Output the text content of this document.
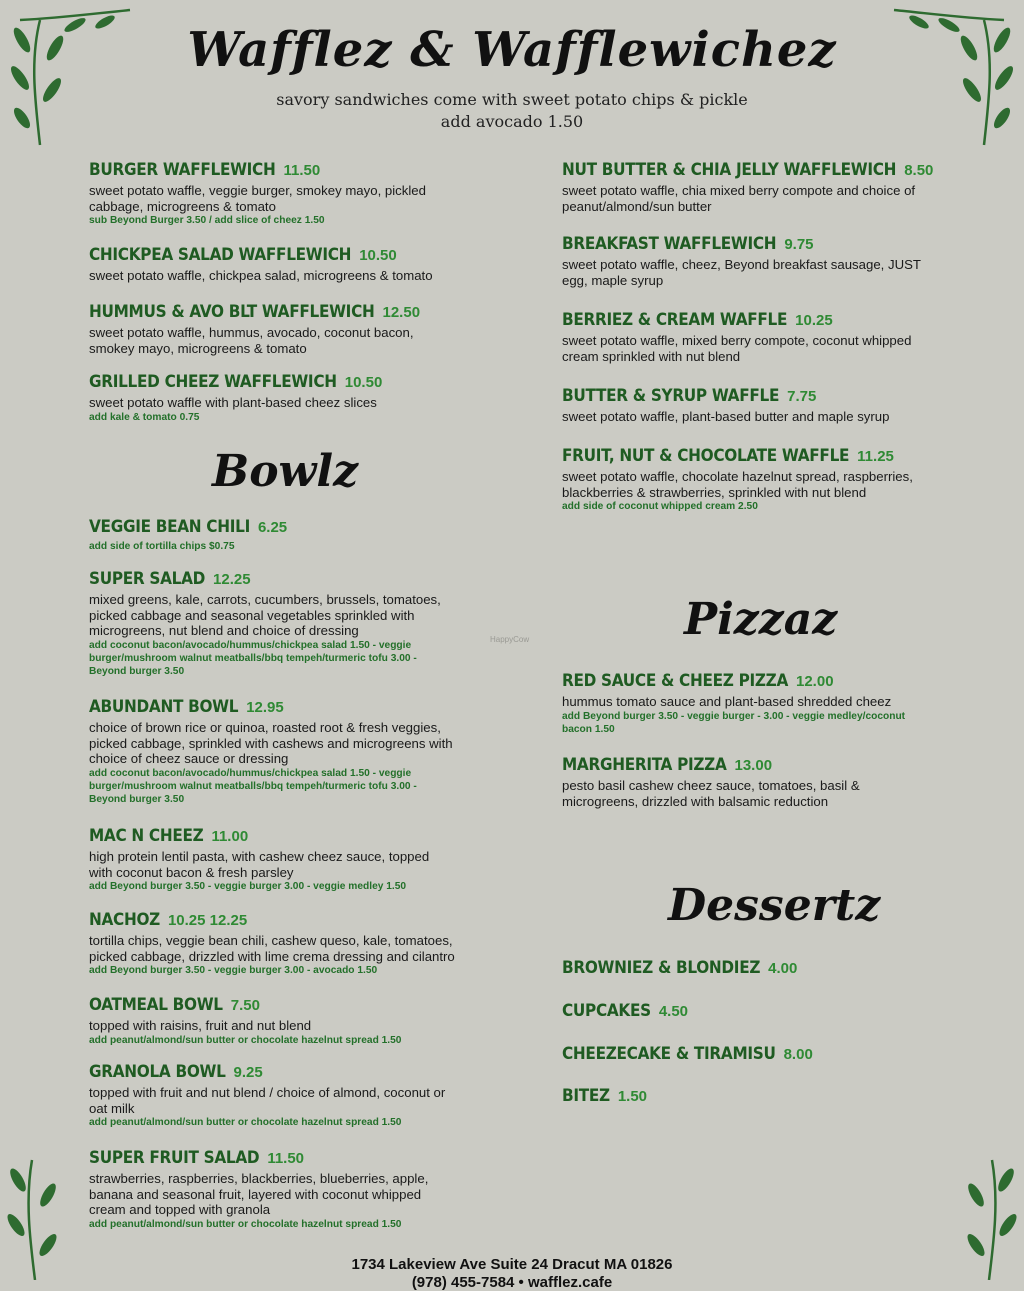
Wafflez & Wafflewichez
savory sandwiches come with sweet potato chips & pickle
add avocado 1.50
Bowlz
Pizzaz
Dessertz
BURGER WAFFLEWICH 11.50
sweet potato waffle, veggie burger, smokey mayo, pickled
cabbage, microgreens & tomato
sub Beyond Burger 3.50 / add slice of cheez 1.50
CHICKPEA SALAD WAFFLEWICH 10.50
sweet potato waffle, chickpea salad, microgreens & tomato
HUMMUS & AVO BLT WAFFLEWICH 12.50
sweet potato waffle, hummus, avocado, coconut bacon,
smokey mayo, microgreens & tomato
GRILLED CHEEZ WAFFLEWICH 10.50
sweet potato waffle with plant-based cheez slices
add kale & tomato 0.75
NUT BUTTER & CHIA JELLY WAFFLEWICH 8.50
sweet potato waffle, chia mixed berry compote and choice of
peanut/almond/sun butter
BREAKFAST WAFFLEWICH 9.75
sweet potato waffle, cheez, Beyond breakfast sausage, JUST
egg, maple syrup
BERRIEZ & CREAM WAFFLE 10.25
sweet potato waffle, mixed berry compote, coconut whipped
cream sprinkled with nut blend
BUTTER & SYRUP WAFFLE 7.75
sweet potato waffle, plant-based butter and maple syrup
FRUIT, NUT & CHOCOLATE WAFFLE 11.25
sweet potato waffle, chocolate hazelnut spread, raspberries,
blackberries & strawberries, sprinkled with nut blend
add side of coconut whipped cream 2.50
VEGGIE BEAN CHILI 6.25
add side of tortilla chips $0.75
SUPER SALAD 12.25
mixed greens, kale, carrots, cucumbers, brussels, tomatoes,
picked cabbage and seasonal vegetables sprinkled with
microgreens, nut blend and choice of dressing
add coconut bacon/avocado/hummus/chickpea salad 1.50 - veggie
burger/mushroom walnut meatballs/bbq tempeh/turmeric tofu 3.00 -
Beyond burger 3.50
ABUNDANT BOWL 12.95
choice of brown rice or quinoa, roasted root & fresh veggies,
picked cabbage, sprinkled with cashews and microgreens with
choice of cheez sauce or dressing
add coconut bacon/avocado/hummus/chickpea salad 1.50 - veggie
burger/mushroom walnut meatballs/bbq tempeh/turmeric tofu 3.00 -
Beyond burger 3.50
MAC N CHEEZ 11.00
high protein lentil pasta, with cashew cheez sauce, topped
with coconut bacon & fresh parsley
add Beyond burger 3.50 - veggie burger 3.00 - veggie medley 1.50
NACHOZ 10.25 12.25
tortilla chips, veggie bean chili, cashew queso, kale, tomatoes,
picked cabbage, drizzled with lime crema dressing and cilantro
add Beyond burger 3.50 - veggie burger 3.00 - avocado 1.50
OATMEAL BOWL 7.50
topped with raisins, fruit and nut blend
add peanut/almond/sun butter or chocolate hazelnut spread 1.50
GRANOLA BOWL 9.25
topped with fruit and nut blend / choice of almond, coconut or
oat milk
add peanut/almond/sun butter or chocolate hazelnut spread 1.50
SUPER FRUIT SALAD 11.50
strawberries, raspberries, blackberries, blueberries, apple,
banana and seasonal fruit, layered with coconut whipped
cream and topped with granola
add peanut/almond/sun butter or chocolate hazelnut spread 1.50
RED SAUCE & CHEEZ PIZZA 12.00
hummus tomato sauce and plant-based shredded cheez
add Beyond burger 3.50 - veggie burger - 3.00 - veggie medley/coconut
bacon 1.50
MARGHERITA PIZZA 13.00
pesto basil cashew cheez sauce, tomatoes, basil &
microgreens, drizzled with balsamic reduction
BROWNIEZ & BLONDIEZ 4.00
CUPCAKES 4.50
CHEEZECAKE & TIRAMISU 8.00
BITEZ 1.50
HappyCow
1734 Lakeview Ave Suite 24 Dracut MA 01826
(978) 455-7584 • wafflez.cafe
